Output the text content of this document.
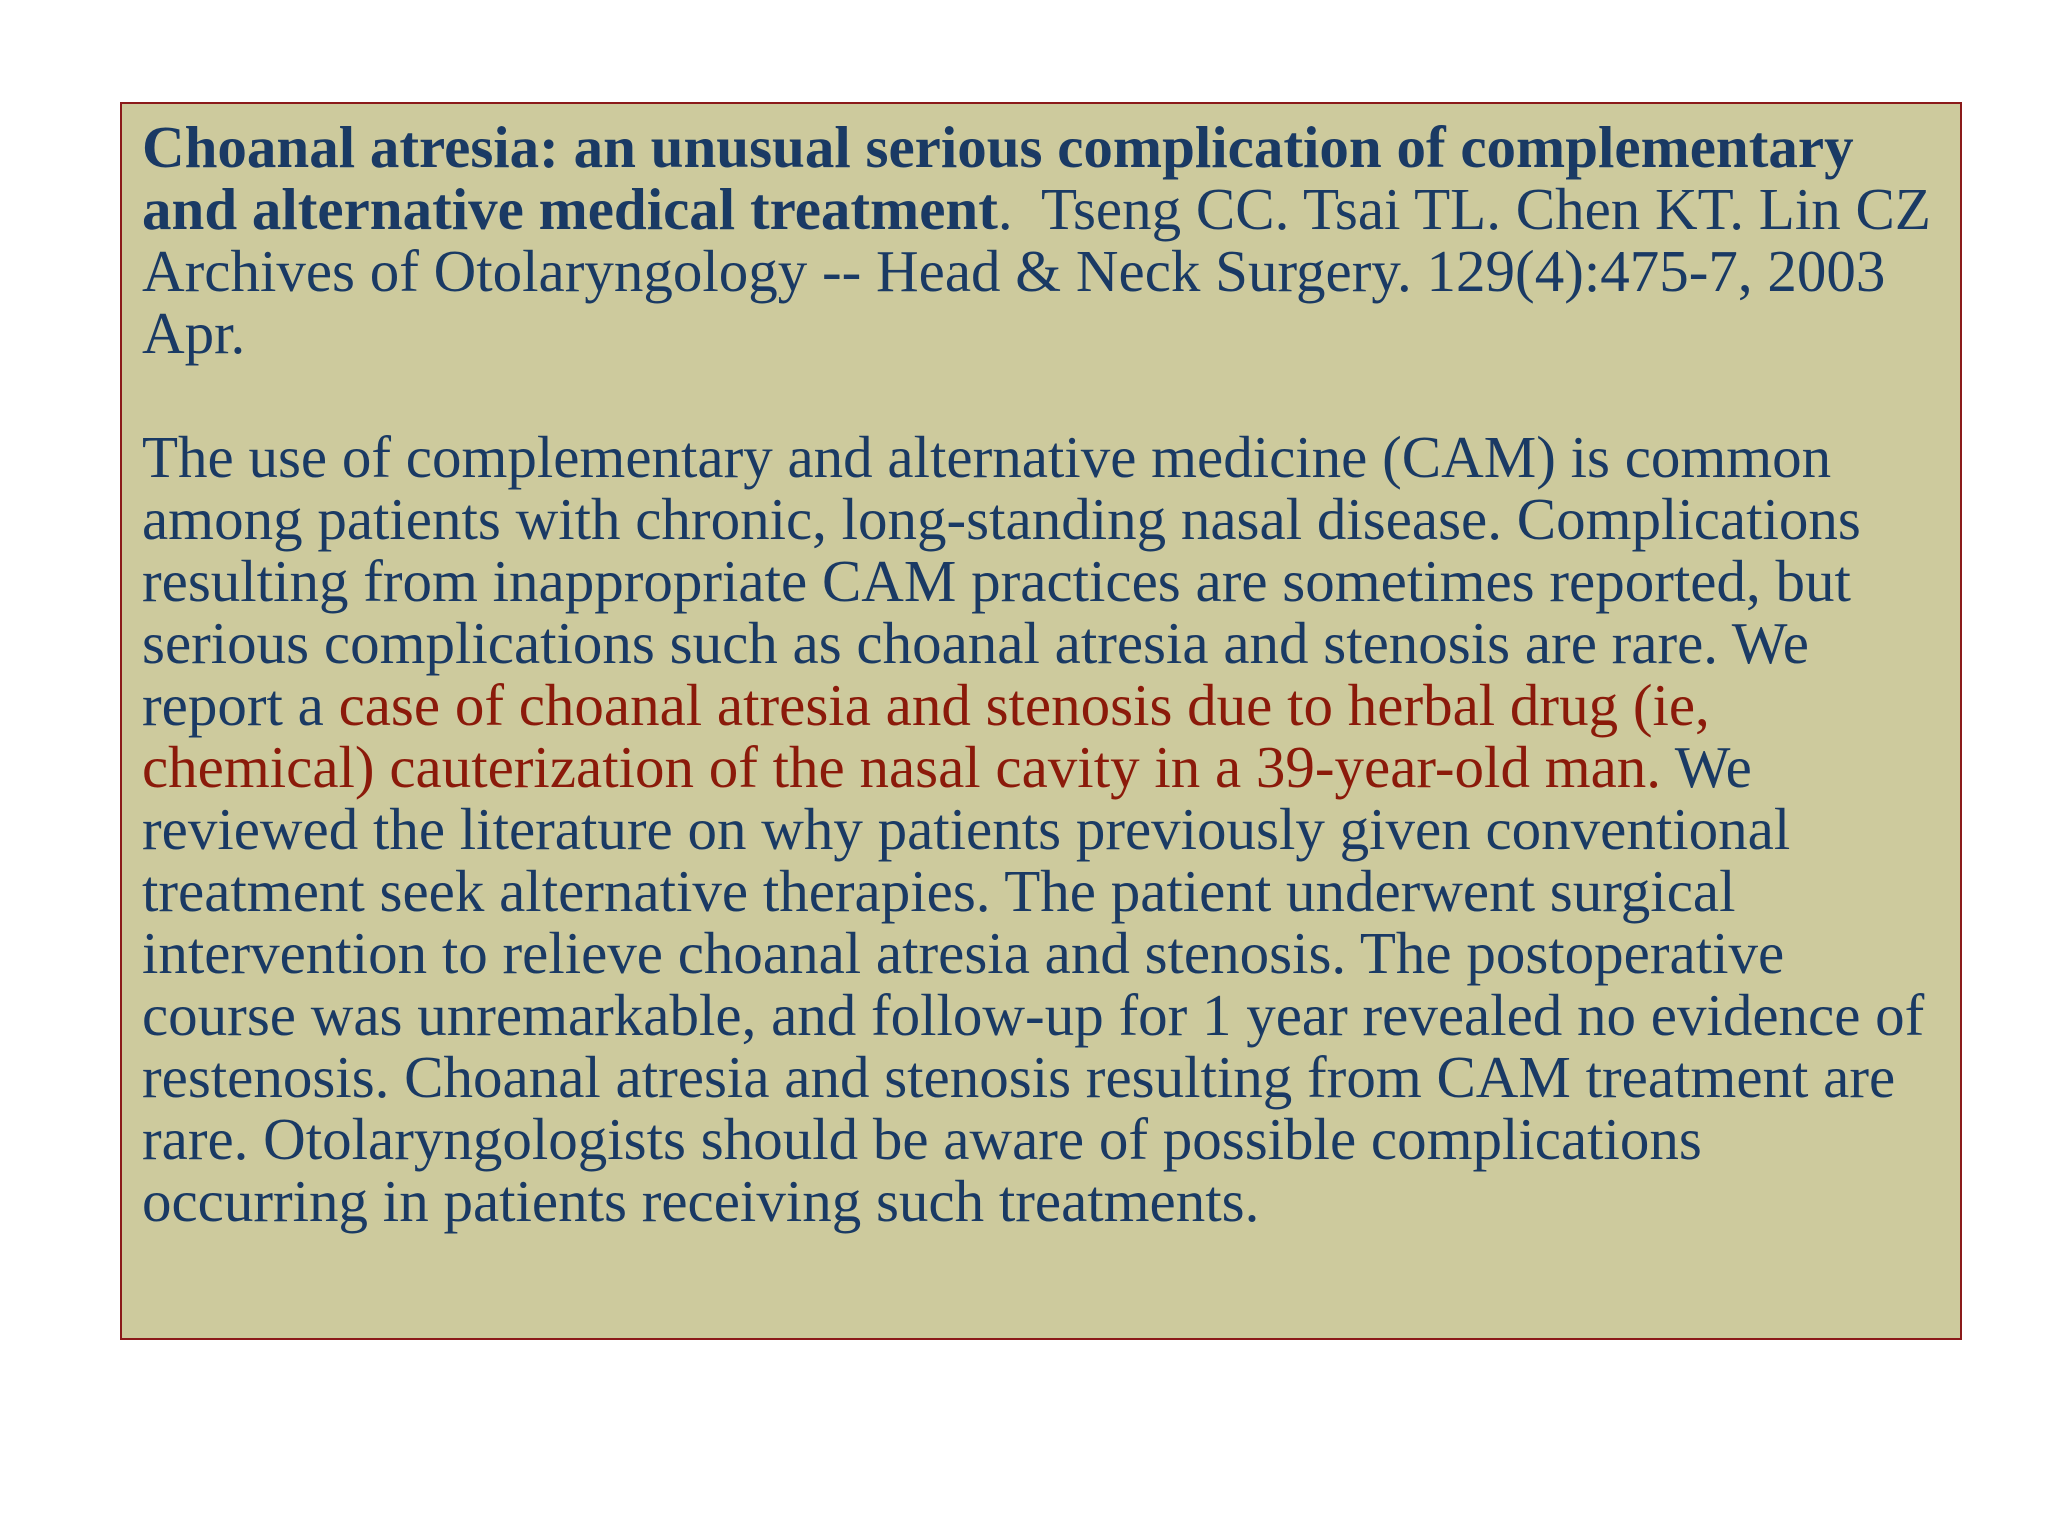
Choanal atresia: an unusual serious complication of complementary and alternative medical treatment.  Tseng CC. Tsai TL. Chen KT. Lin CZ Archives of Otolaryngology -- Head & Neck Surgery. 129(4):475-7, 2003 Apr.

The use of complementary and alternative medicine (CAM) is common among patients with chronic, long-standing nasal disease. Complications resulting from inappropriate CAM practices are sometimes reported, but serious complications such as choanal atresia and stenosis are rare. We report a case of choanal atresia and stenosis due to herbal drug (ie, chemical) cauterization of the nasal cavity in a 39-year-old man. We reviewed the literature on why patients previously given conventional treatment seek alternative therapies. The patient underwent surgical intervention to relieve choanal atresia and stenosis. The postoperative course was unremarkable, and follow-up for 1 year revealed no evidence of restenosis. Choanal atresia and stenosis resulting from CAM treatment are rare. Otolaryngologists should be aware of possible complications occurring in patients receiving such treatments.
